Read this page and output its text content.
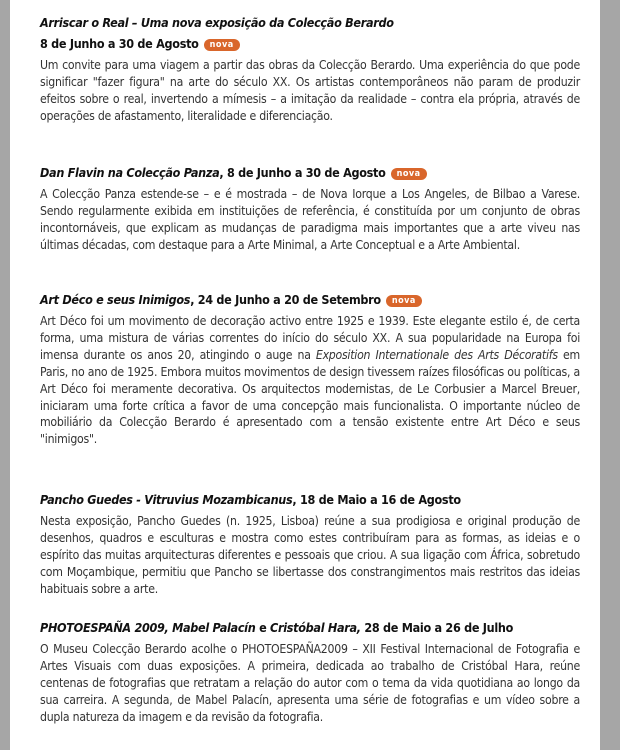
Arriscar o Real – Uma nova exposição da Colecção Berardo
8 de Junho a 30 de Agosto nova
Um convite para uma viagem a partir das obras da Colecção Berardo. Uma experiência do que pode significar "fazer figura" na arte do século XX. Os artistas contemporâneos não param de produzir efeitos sobre o real, invertendo a mímesis – a imitação da realidade – contra ela própria, através de operações de afastamento, literalidade e diferenciação.
Dan Flavin na Colecção Panza, 8 de Junho a 30 de Agosto nova
A Colecção Panza estende-se – e é mostrada – de Nova Iorque a Los Angeles, de Bilbao a Varese. Sendo regularmente exibida em instituições de referência, é constituída por um conjunto de obras incontornáveis, que explicam as mudanças de paradigma mais importantes que a arte viveu nas últimas décadas, com destaque para a Arte Minimal, a Arte Conceptual e a Arte Ambiental.
Art Déco e seus Inimigos, 24 de Junho a 20 de Setembro nova
Art Déco foi um movimento de decoração activo entre 1925 e 1939. Este elegante estilo é, de certa forma, uma mistura de várias correntes do início do século XX. A sua popularidade na Europa foi imensa durante os anos 20, atingindo o auge na Exposition Internationale des Arts Décoratifs em Paris, no ano de 1925. Embora muitos movimentos de design tivessem raízes filosóficas ou políticas, a Art Déco foi meramente decorativa. Os arquitectos modernistas, de Le Corbusier a Marcel Breuer, iniciaram uma forte crítica a favor de uma concepção mais funcionalista. O importante núcleo de mobiliário da Colecção Berardo é apresentado com a tensão existente entre Art Déco e seus "inimigos".
Pancho Guedes - Vitruvius Mozambicanus, 18 de Maio a 16 de Agosto
Nesta exposição, Pancho Guedes (n. 1925, Lisboa) reúne a sua prodigiosa e original produção de desenhos, quadros e esculturas e mostra como estes contribuíram para as formas, as ideias e o espírito das muitas arquitecturas diferentes e pessoais que criou. A sua ligação com África, sobretudo com Moçambique, permitiu que Pancho se libertasse dos constrangimentos mais restritos das ideias habituais sobre a arte.
PHOTOESPAÑA 2009, Mabel Palacín e Cristóbal Hara, 28 de Maio a 26 de Julho
O Museu Colecção Berardo acolhe o PHOTOESPAÑA2009 – XII Festival Internacional de Fotografia e Artes Visuais com duas exposições. A primeira, dedicada ao trabalho de Cristóbal Hara, reúne centenas de fotografias que retratam a relação do autor com o tema da vida quotidiana ao longo da sua carreira. A segunda, de Mabel Palacín, apresenta uma série de fotografias e um vídeo sobre a dupla natureza da imagem e da revisão da fotografia.
